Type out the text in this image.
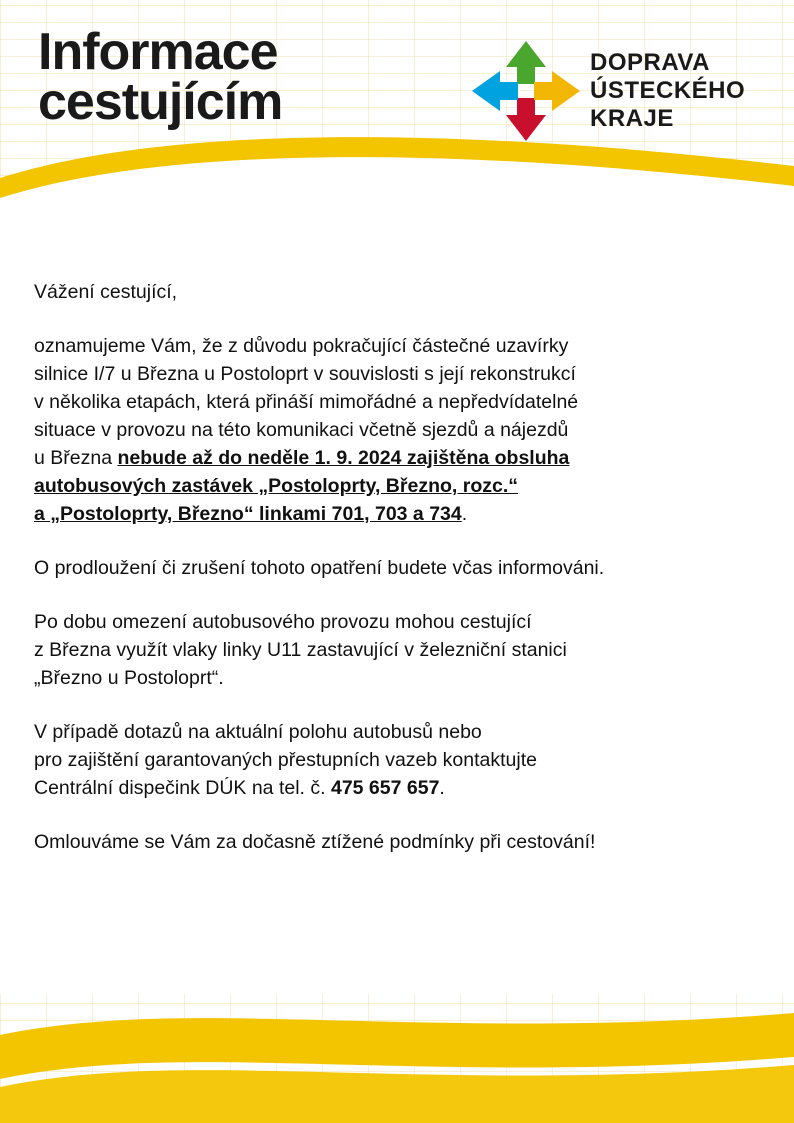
Informace
cestujícím
DOPRAVA
ÚSTECKÉHO
KRAJE
Vážení cestující,
oznamujeme Vám, že z důvodu pokračující částečné uzavírky
silnice I/7 u Března u Postoloprt v souvislosti s její rekonstrukcí
v několika etapách, která přináší mimořádné a nepředvídatelné
situace v provozu na této komunikaci včetně sjezdů a nájezdů
u Března nebude až do neděle 1. 9. 2024 zajištěna obsluha
autobusových zastávek „Postoloprty, Březno, rozc.“
a „Postoloprty, Březno“ linkami 701, 703 a 734.
O prodloužení či zrušení tohoto opatření budete včas informováni.
Po dobu omezení autobusového provozu mohou cestující
z Března využít vlaky linky U11 zastavující v železniční stanici
„Březno u Postoloprt“.
V případě dotazů na aktuální polohu autobusů nebo
pro zajištění garantovaných přestupních vazeb kontaktujte
Centrální dispečink DÚK na tel. č. 475 657 657.
Omlouváme se Vám za dočasně ztížené podmínky při cestování!
